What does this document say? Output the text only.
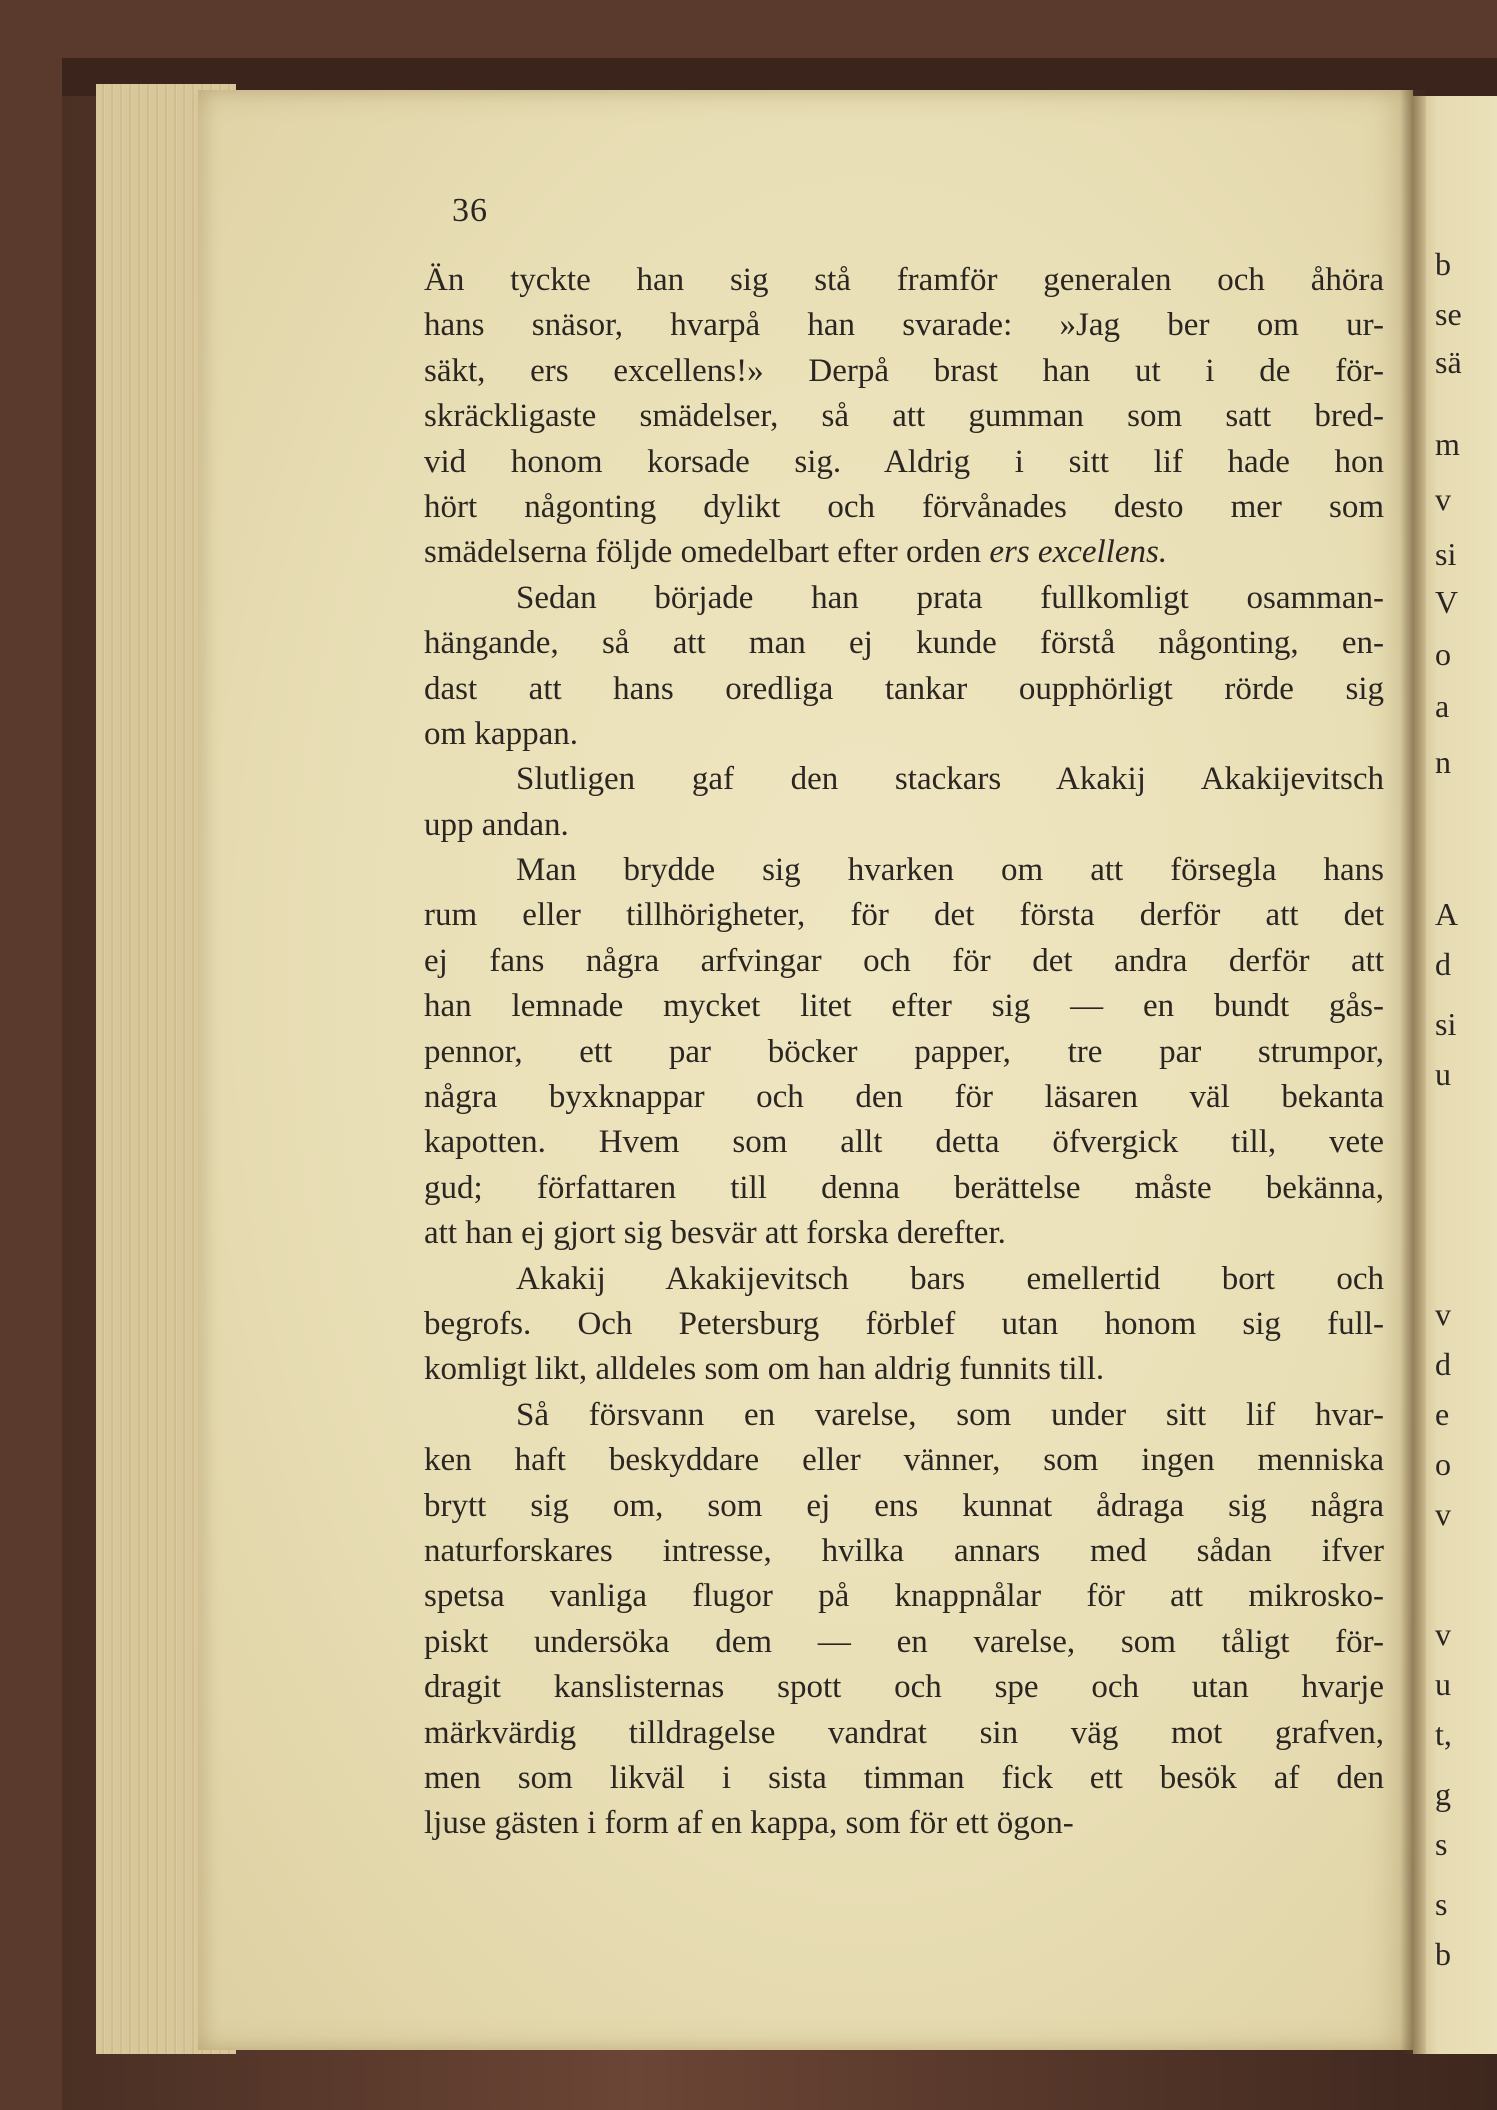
b
se
sä
m
v
si
V
o
a
n
A
d
si
u
v
d
e
o
v
v
u
t,
g
s
s
b
36
Än tyckte han sig stå framför generalen och åhöra
hans snäsor, hvarpå han svarade: »Jag ber om ur-
säkt, ers excellens!» Derpå brast han ut i de för-
skräckligaste smädelser, så att gumman som satt bred-
vid honom korsade sig. Aldrig i sitt lif hade hon
hört någonting dylikt och förvånades desto mer som
smädelserna följde omedelbart efter orden ers excellens.
Sedan började han prata fullkomligt osamman-
hängande, så att man ej kunde förstå någonting, en-
dast att hans oredliga tankar oupphörligt rörde sig
om kappan.
Slutligen gaf den stackars Akakij Akakijevitsch
upp andan.
Man brydde sig hvarken om att försegla hans
rum eller tillhörigheter, för det första derför att det
ej fans några arfvingar och för det andra derför att
han lemnade mycket litet efter sig — en bundt gås-
pennor, ett par böcker papper, tre par strumpor,
några byxknappar och den för läsaren väl bekanta
kapotten. Hvem som allt detta öfvergick till, vete
gud; författaren till denna berättelse måste bekänna,
att han ej gjort sig besvär att forska derefter.
Akakij Akakijevitsch bars emellertid bort och
begrofs. Och Petersburg förblef utan honom sig full-
komligt likt, alldeles som om han aldrig funnits till.
Så försvann en varelse, som under sitt lif hvar-
ken haft beskyddare eller vänner, som ingen menniska
brytt sig om, som ej ens kunnat ådraga sig några
naturforskares intresse, hvilka annars med sådan ifver
spetsa vanliga flugor på knappnålar för att mikrosko-
piskt undersöka dem — en varelse, som tåligt för-
dragit kanslisternas spott och spe och utan hvarje
märkvärdig tilldragelse vandrat sin väg mot grafven,
men som likväl i sista timman fick ett besök af den
ljuse gästen i form af en kappa, som för ett ögon-
